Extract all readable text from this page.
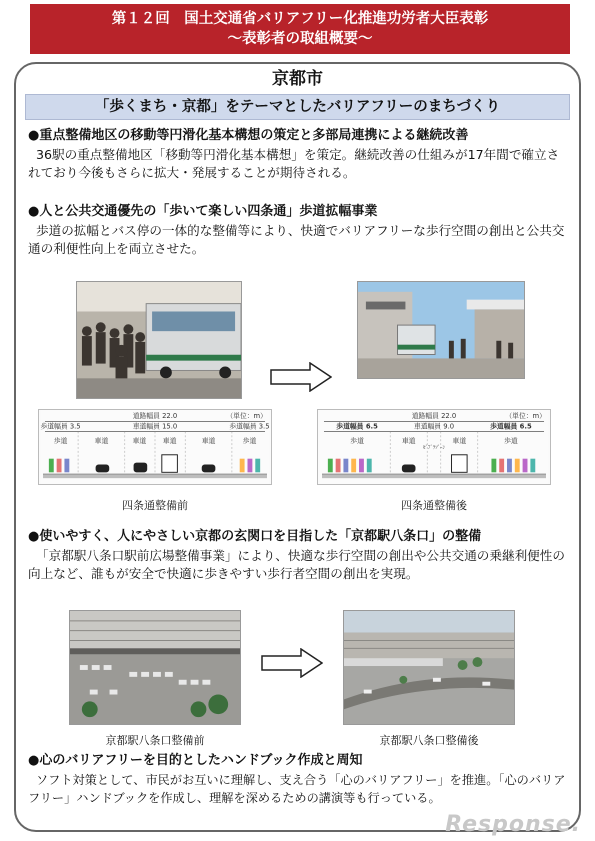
第１２回　国土交通省バリアフリー化推進功労者大臣表彰
～表彰者の取組概要～
京都市
「歩くまち・京都」をテーマとしたバリアフリーのまちづくり
●重点整備地区の移動等円滑化基本構想の策定と多部局連携による継続改善
36駅の重点整備地区「移動等円滑化基本構想」を策定。継続改善の仕組みが17年間で確立されており今後もさらに拡大・発展することが期待される。
●人と公共交通優先の「歩いて楽しい四条通」歩道拡幅事業
歩道の拡幅とバス停の一体的な整備等により、快適でバリアフリーな歩行空間の創出と公共交通の利便性向上を両立させた。
道路幅員 22.0	（単位：m）
歩道幅員 3.5	車道幅員 15.0	歩道幅員 3.5
歩道	車道	車道 車道	車道	歩道
道路幅員 22.0	（単位：m）
歩道幅員 6.5	車道幅員 9.0	歩道幅員 6.5
歩道	車道	車道	歩道
ｾﾞﾌﾞﾗｿﾞｰﾝ
四条通整備前	四条通整備後
●使いやすく、人にやさしい京都の玄関口を目指した「京都駅八条口」の整備
「京都駅八条口駅前広場整備事業」により、快適な歩行空間の創出や公共交通の乗継利便性の向上など、誰もが安全で快適に歩きやすい歩行者空間の創出を実現。
京都駅八条口整備前	京都駅八条口整備後
●心のバリアフリーを目的としたハンドブック作成と周知
ソフト対策として、市民がお互いに理解し、支え合う「心のバリアフリー」を推進。「心のバリアフリー」ハンドブックを作成し、理解を深めるための講演等も行っている。
Response.
